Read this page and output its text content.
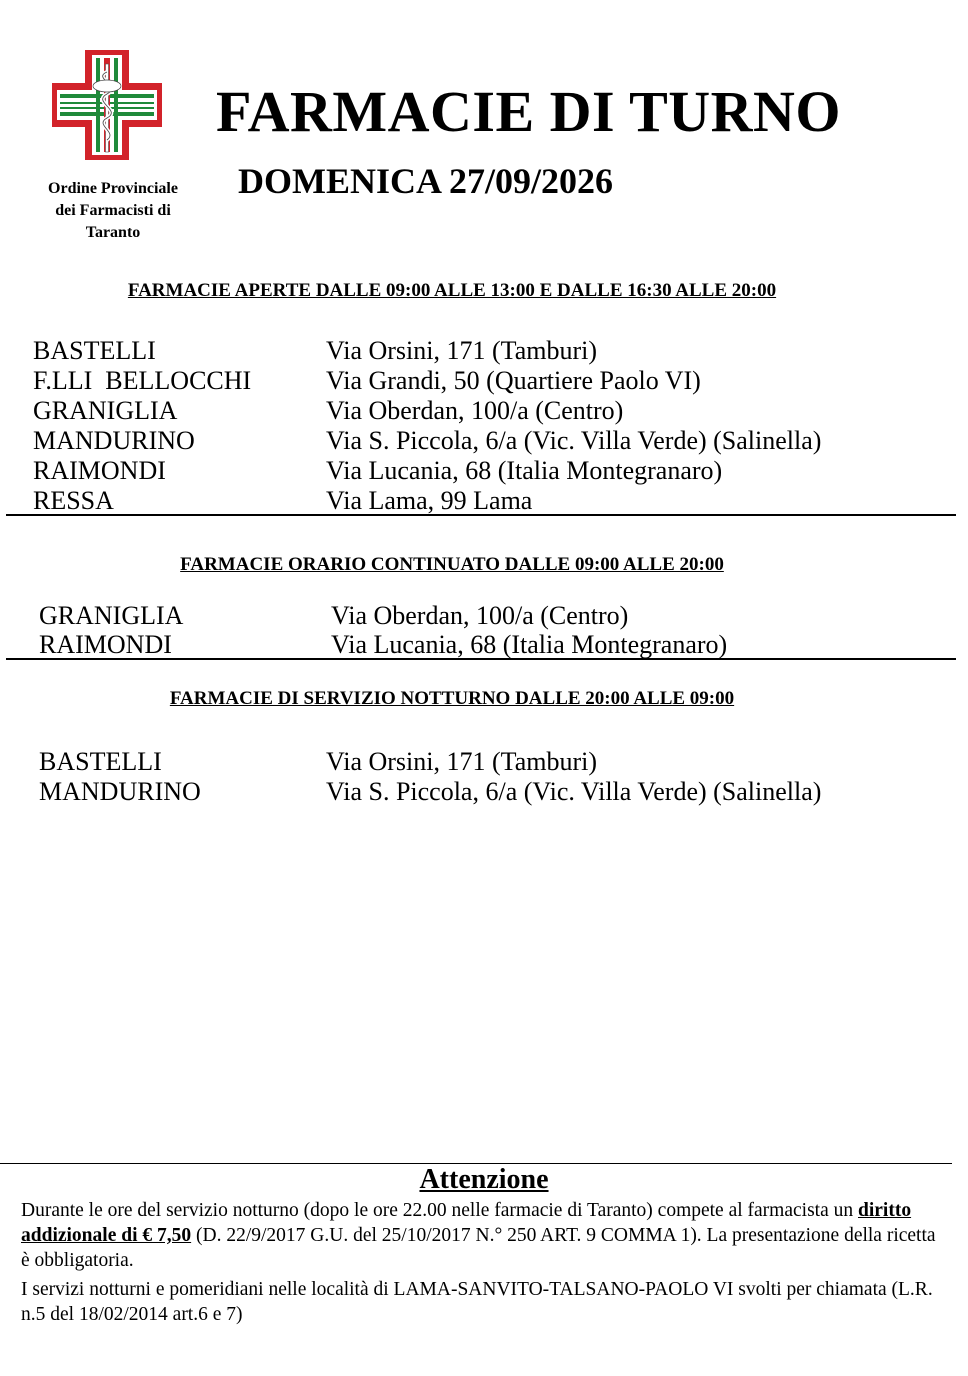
Ordine Provinciale
dei Farmacisti di
Taranto
FARMACIE DI TURNO
DOMENICA 27/09/2026
FARMACIE APERTE DALLE 09:00 ALLE 13:00 E DALLE 16:30 ALLE 20:00
BASTELLI	Via Orsini, 171 (Tamburi)
F.LLI  BELLOCCHI	Via Grandi, 50 (Quartiere Paolo VI)
GRANIGLIA	Via Oberdan, 100/a (Centro)
MANDURINO	Via S. Piccola, 6/a (Vic. Villa Verde) (Salinella)
RAIMONDI	Via Lucania, 68 (Italia Montegranaro)
RESSA	Via Lama, 99 Lama
FARMACIE ORARIO CONTINUATO DALLE 09:00 ALLE 20:00
GRANIGLIA	Via Oberdan, 100/a (Centro)
RAIMONDI	Via Lucania, 68 (Italia Montegranaro)
FARMACIE DI SERVIZIO NOTTURNO DALLE 20:00 ALLE 09:00
BASTELLI	Via Orsini, 171 (Tamburi)
MANDURINO	Via S. Piccola, 6/a (Vic. Villa Verde) (Salinella)
Attenzione
Durante le ore del servizio notturno (dopo le ore 22.00 nelle farmacie di Taranto) compete al farmacista un diritto addizionale di € 7,50 (D. 22/9/2017 G.U. del 25/10/2017 N.° 250 ART. 9 COMMA 1). La presentazione della ricetta è obbligatoria.
I servizi notturni e pomeridiani nelle località di LAMA-SANVITO-TALSANO-PAOLO VI svolti per chiamata (L.R. n.5 del 18/02/2014 art.6 e 7)
